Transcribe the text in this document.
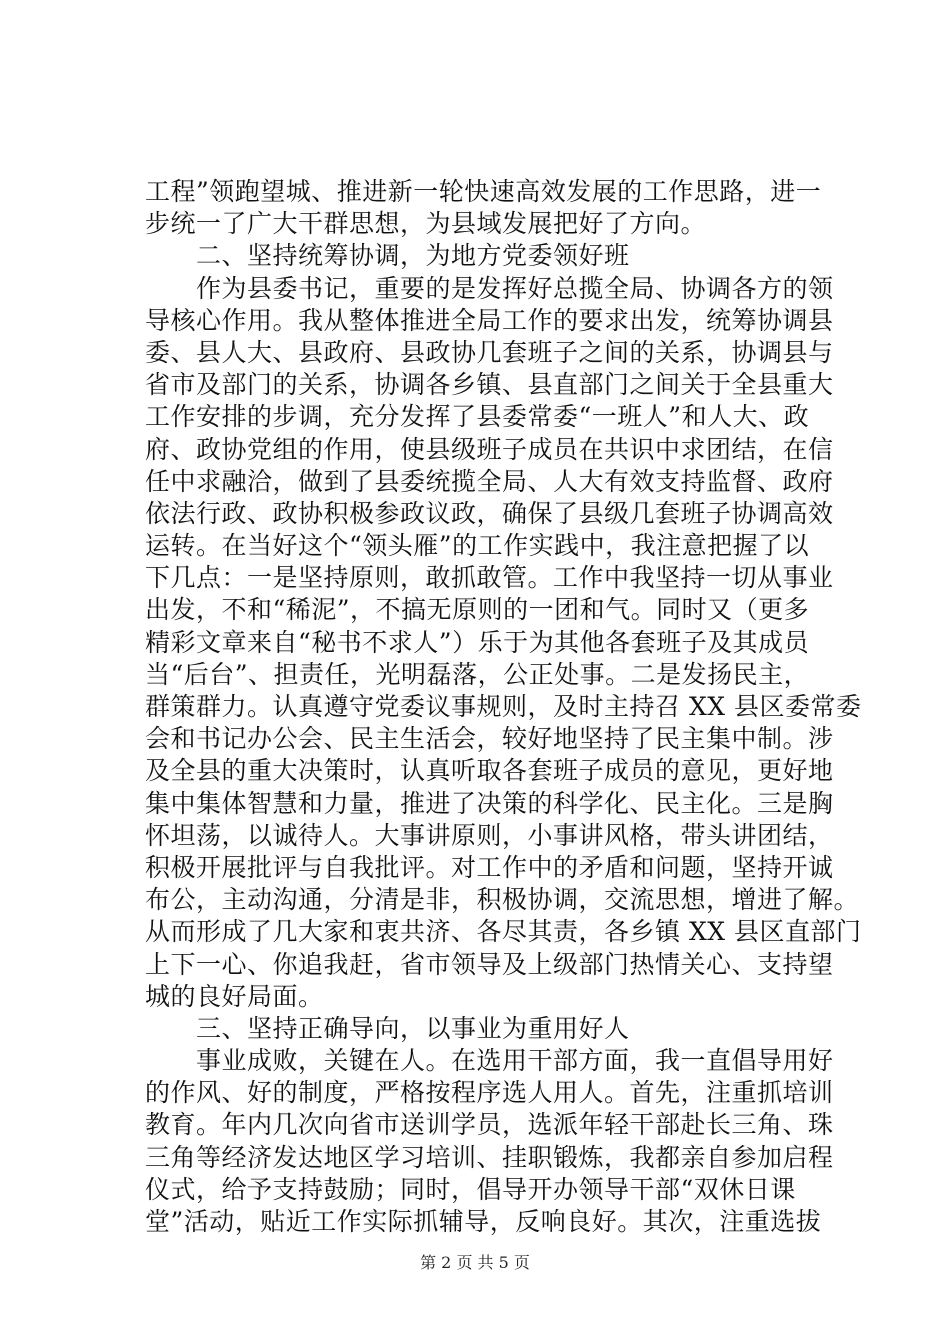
工程”领跑望城、推进新一轮快速高效发展的工作思路，进一
步统一了广大干群思想，为县域发展把好了方向。
　　二、坚持统筹协调，为地方党委领好班
　　作为县委书记，重要的是发挥好总揽全局、协调各方的领
导核心作用。我从整体推进全局工作的要求出发，统筹协调县
委、县人大、县政府、县政协几套班子之间的关系，协调县与
省市及部门的关系，协调各乡镇、县直部门之间关于全县重大
工作安排的步调，充分发挥了县委常委“一班人”和人大、政
府、政协党组的作用，使县级班子成员在共识中求团结，在信
任中求融洽，做到了县委统揽全局、人大有效支持监督、政府
依法行政、政协积极参政议政，确保了县级几套班子协调高效
运转。在当好这个“领头雁”的工作实践中，我注意把握了以
下几点：一是坚持原则，敢抓敢管。工作中我坚持一切从事业
出发，不和“稀泥”，不搞无原则的一团和气。同时又（更多
精彩文章来自“秘书不求人”）乐于为其他各套班子及其成员
当“后台”、担责任，光明磊落，公正处事。二是发扬民主，
群策群力。认真遵守党委议事规则，及时主持召 XX 县区委常委
会和书记办公会、民主生活会，较好地坚持了民主集中制。涉
及全县的重大决策时，认真听取各套班子成员的意见，更好地
集中集体智慧和力量，推进了决策的科学化、民主化。三是胸
怀坦荡，以诚待人。大事讲原则，小事讲风格，带头讲团结，
积极开展批评与自我批评。对工作中的矛盾和问题，坚持开诚
布公，主动沟通，分清是非，积极协调，交流思想，增进了解。
从而形成了几大家和衷共济、各尽其责，各乡镇 XX 县区直部门
上下一心、你追我赶，省市领导及上级部门热情关心、支持望
城的良好局面。
　　三、坚持正确导向，以事业为重用好人
　　事业成败，关键在人。在选用干部方面，我一直倡导用好
的作风、好的制度，严格按程序选人用人。首先，注重抓培训
教育。年内几次向省市送训学员，选派年轻干部赴长三角、珠
三角等经济发达地区学习培训、挂职锻炼，我都亲自参加启程
仪式，给予支持鼓励；同时，倡导开办领导干部“双休日课
堂”活动，贴近工作实际抓辅导，反响良好。其次，注重选拔
第 2 页 共 5 页
